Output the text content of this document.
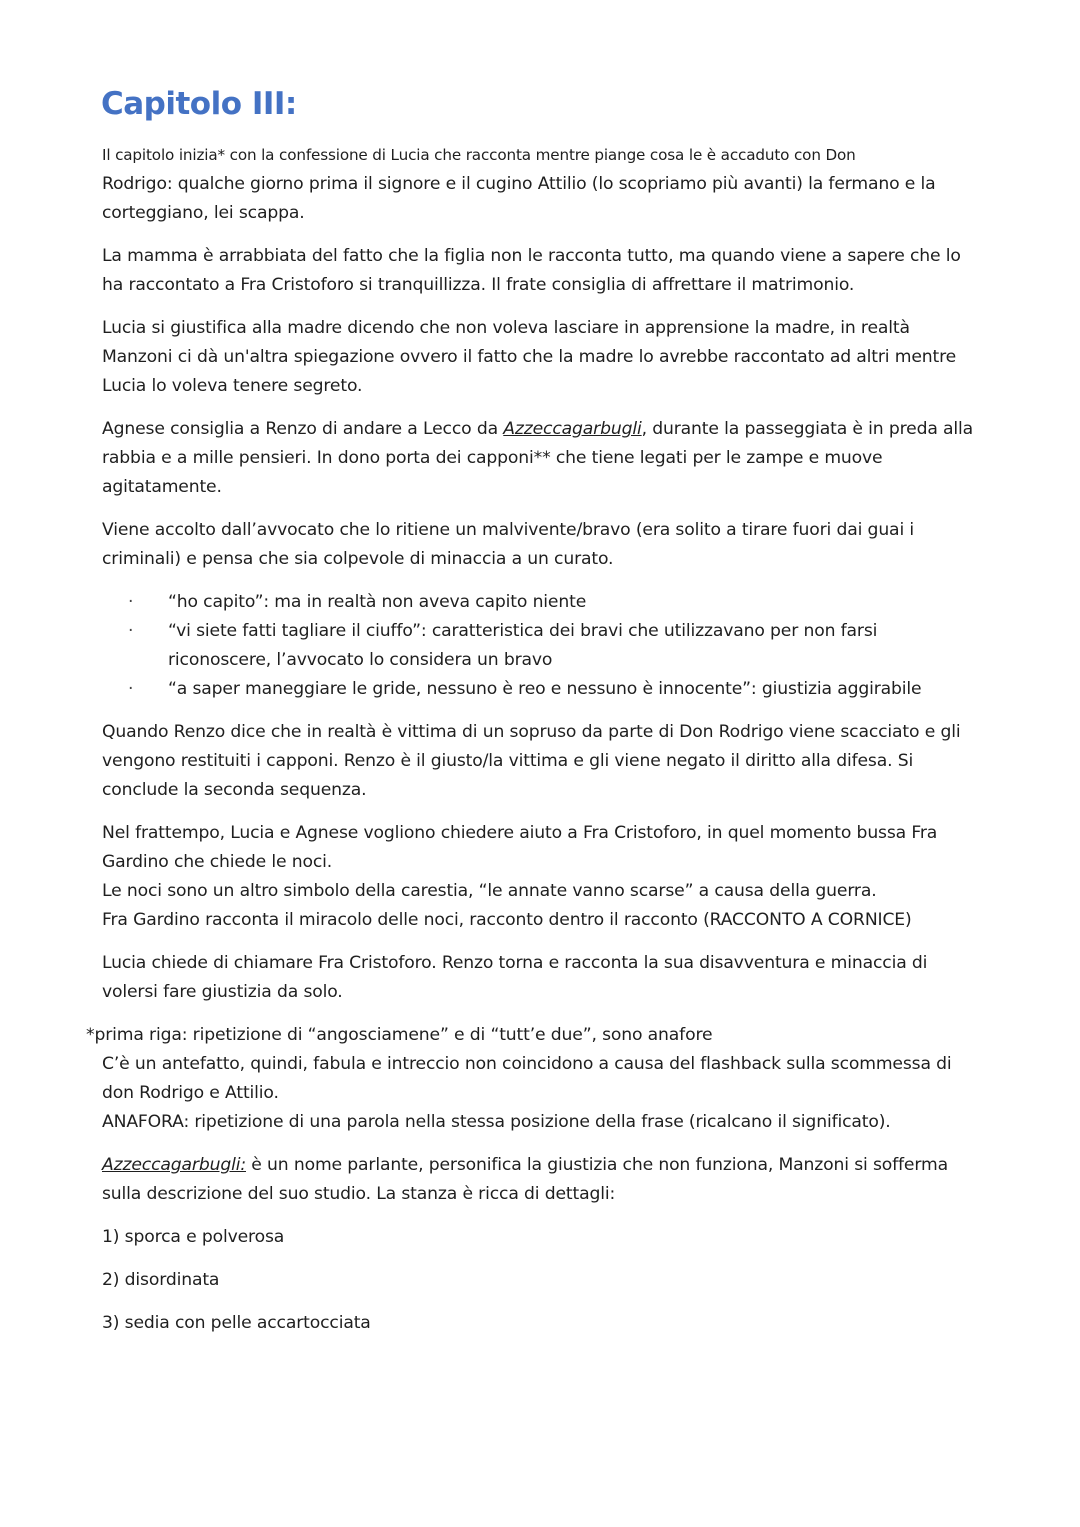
Capitolo III:

Il capitolo inizia* con la confessione di Lucia che racconta mentre piange cosa le è accaduto con Don
Rodrigo: qualche giorno prima il signore e il cugino Attilio (lo scopriamo più avanti) la fermano e la corteggiano, lei scappa.

La mamma è arrabbiata del fatto che la figlia non le racconta tutto, ma quando viene a sapere che lo ha raccontato a Fra Cristoforo si tranquillizza. Il frate consiglia di affrettare il matrimonio.

Lucia si giustifica alla madre dicendo che non voleva lasciare in apprensione la madre, in realtà Manzoni ci dà un'altra spiegazione ovvero il fatto che la madre lo avrebbe raccontato ad altri mentre Lucia lo voleva tenere segreto.

Agnese consiglia a Renzo di andare a Lecco da Azzeccagarbugli, durante la passeggiata è in preda alla rabbia e a mille pensieri. In dono porta dei capponi** che tiene legati per le zampe e muove agitatamente.

Viene accolto dall’avvocato che lo ritiene un malvivente/bravo (era solito a tirare fuori dai guai i criminali) e pensa che sia colpevole di minaccia a un curato.

· “ho capito”: ma in realtà non aveva capito niente
· “vi siete fatti tagliare il ciuffo”: caratteristica dei bravi che utilizzavano per non farsi riconoscere, l’avvocato lo considera un bravo
· “a saper maneggiare le gride, nessuno è reo e nessuno è innocente”: giustizia aggirabile

Quando Renzo dice che in realtà è vittima di un sopruso da parte di Don Rodrigo viene scacciato e gli vengono restituiti i capponi. Renzo è il giusto/la vittima e gli viene negato il diritto alla difesa. Si conclude la seconda sequenza.

Nel frattempo, Lucia e Agnese vogliono chiedere aiuto a Fra Cristoforo, in quel momento bussa Fra Gardino che chiede le noci.
Le noci sono un altro simbolo della carestia, “le annate vanno scarse” a causa della guerra.
Fra Gardino racconta il miracolo delle noci, racconto dentro il racconto (RACCONTO A CORNICE)

Lucia chiede di chiamare Fra Cristoforo. Renzo torna e racconta la sua disavventura e minaccia di volersi fare giustizia da solo.

*prima riga: ripetizione di “angosciamene” e di “tutt’e due”, sono anafore
C’è un antefatto, quindi, fabula e intreccio non coincidono a causa del flashback sulla scommessa di don Rodrigo e Attilio.
ANAFORA: ripetizione di una parola nella stessa posizione della frase (ricalcano il significato).

Azzeccagarbugli: è un nome parlante, personifica la giustizia che non funziona, Manzoni si sofferma sulla descrizione del suo studio. La stanza è ricca di dettagli:

1) sporca e polverosa

2) disordinata

3) sedia con pelle accartocciata
